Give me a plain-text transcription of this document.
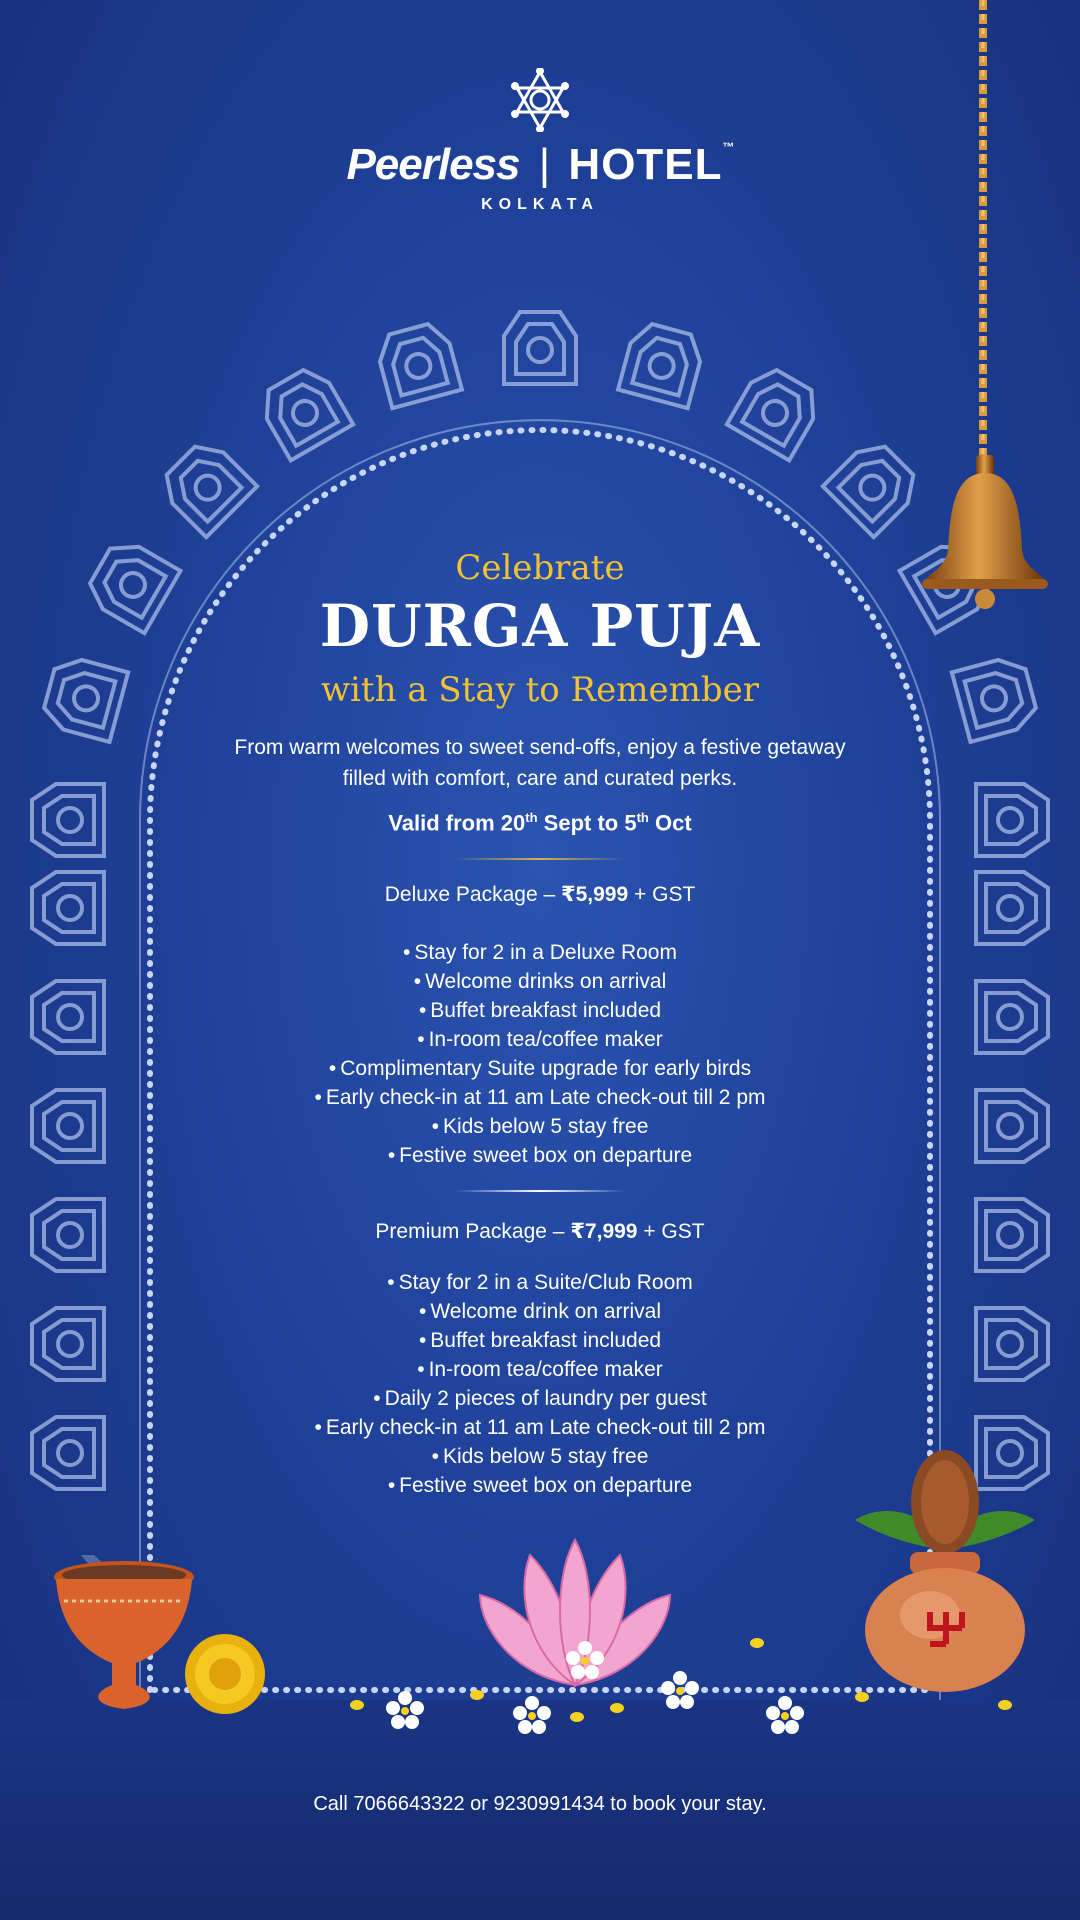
Peerless | HOTEL™
KOLKATA
Celebrate
DURGA PUJA
with a Stay to Remember
From warm welcomes to sweet send-offs, enjoy a festive getaway filled with comfort, care and curated perks.
Valid from 20th Sept to 5th Oct
Deluxe Package – ₹5,999 + GST
• Stay for 2 in a Deluxe Room
• Welcome drinks on arrival
• Buffet breakfast included
• In-room tea/coffee maker
• Complimentary Suite upgrade for early birds
• Early check-in at 11 am Late check-out till 2 pm
• Kids below 5 stay free
• Festive sweet box on departure
Premium Package – ₹7,999 + GST
• Stay for 2 in a Suite/Club Room
• Welcome drink on arrival
• Buffet breakfast included
• In-room tea/coffee maker
• Daily 2 pieces of laundry per guest
• Early check-in at 11 am Late check-out till 2 pm
• Kids below 5 stay free
• Festive sweet box on departure
Call 7066643322 or 9230991434 to book your stay.
